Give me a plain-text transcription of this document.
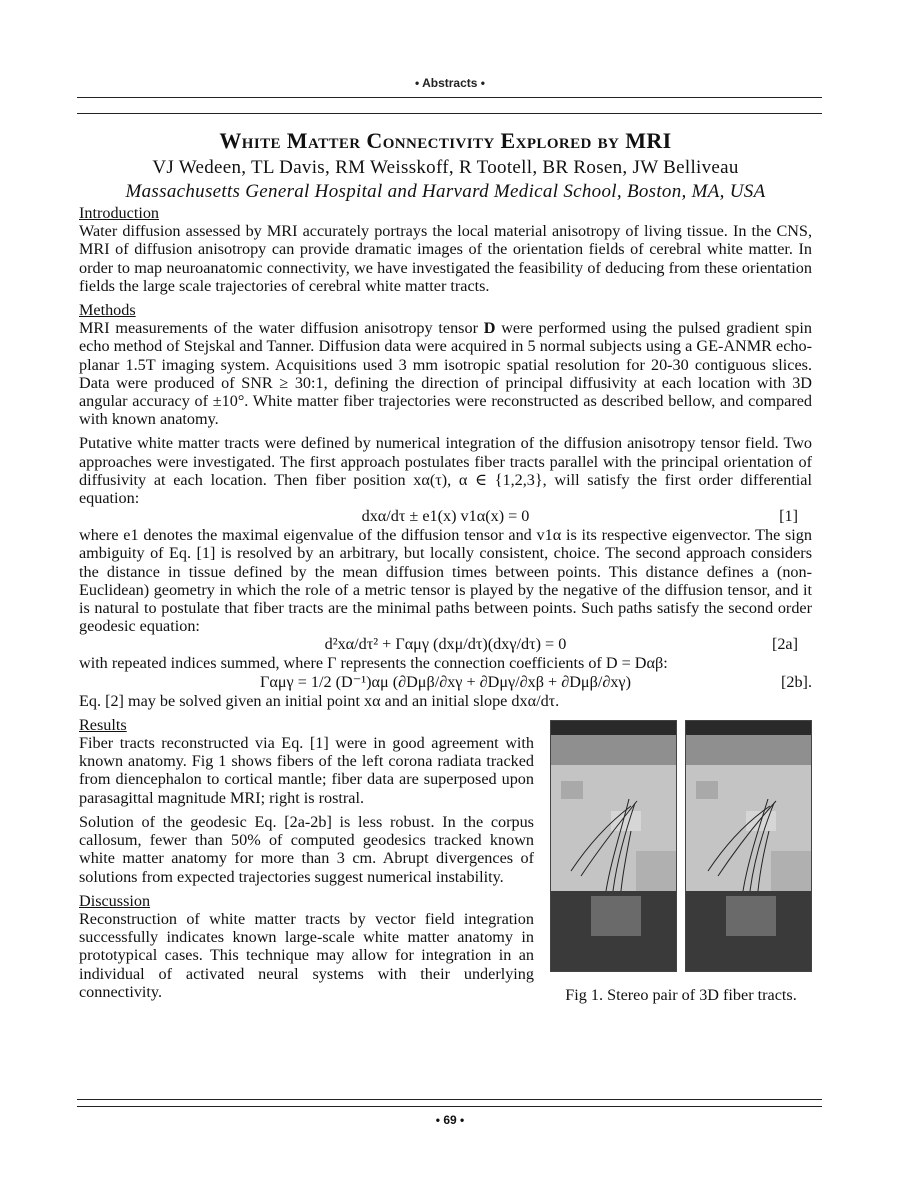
• Abstracts •
White Matter Connectivity Explored by MRI
VJ Wedeen, TL Davis, RM Weisskoff, R Tootell, BR Rosen, JW Belliveau
Massachusetts General Hospital and Harvard Medical School, Boston, MA, USA
Introduction

Water diffusion assessed by MRI accurately portrays the local material anisotropy of living tissue. In the CNS, MRI of diffusion anisotropy can provide dramatic images of the orientation fields of cerebral white matter. In order to map neuroanatomic connectivity, we have investigated the feasibility of deducing from these orientation fields the large scale trajectories of cerebral white matter tracts.

Methods

MRI measurements of the water diffusion anisotropy tensor D were performed using the pulsed gradient spin echo method of Stejskal and Tanner. Diffusion data were acquired in 5 normal subjects using a GE-ANMR echo-planar 1.5T imaging system. Acquisitions used 3 mm isotropic spatial resolution for 20-30 contiguous slices. Data were produced of SNR ≥ 30:1, defining the direction of principal diffusivity at each location with 3D angular accuracy of ±10°. White matter fiber trajectories were reconstructed as described bellow, and compared with known anatomy.

Putative white matter tracts were defined by numerical integration of the diffusion anisotropy tensor field. Two approaches were investigated. The first approach postulates fiber tracts parallel with the principal orientation of diffusivity at each location. Then fiber position xα(τ), α ∈ {1,2,3}, will satisfy the first order differential equation:

dxα/dτ ± e1(x) v1α(x) = 0	[1]

where e1 denotes the maximal eigenvalue of the diffusion tensor and v1α is its respective eigenvector. The sign ambiguity of Eq. [1] is resolved by an arbitrary, but locally consistent, choice. The second approach considers the distance in tissue defined by the mean diffusion times between points. This distance defines a (non-Euclidean) geometry in which the role of a metric tensor is played by the negative of the diffusion tensor, and it is natural to postulate that fiber tracts are the minimal paths between points. Such paths satisfy the second order geodesic equation:

d²xα/dτ² + Γαμγ (dxμ/dτ)(dxγ/dτ) = 0	[2a]

with repeated indices summed, where Γ represents the connection coefficients of D = Dαβ:

Γαμγ = 1/2 (D⁻¹)αμ (∂Dμβ/∂xγ + ∂Dμγ/∂xβ + ∂Dμβ/∂xγ)	[2b].

Eq. [2] may be solved given an initial point xα and an initial slope dxα/dτ.

Results

Fiber tracts reconstructed via Eq. [1] were in good agreement with known anatomy. Fig 1 shows fibers of the left corona radiata tracked from diencephalon to cortical mantle; fiber data are superposed upon parasagittal magnitude MRI; right is rostral.

Solution of the geodesic Eq. [2a-2b] is less robust. In the corpus callosum, fewer than 50% of computed geodesics tracked known white matter anatomy for more than 3 cm. Abrupt divergences of solutions from expected trajectories suggest numerical instability.

Discussion

Reconstruction of white matter tracts by vector field integration successfully indicates known large-scale white matter anatomy in prototypical cases. This technique may allow for integration in an individual of activated neural systems with their underlying connectivity.	Fig 1. Stereo pair of 3D fiber tracts.
• 69 •
